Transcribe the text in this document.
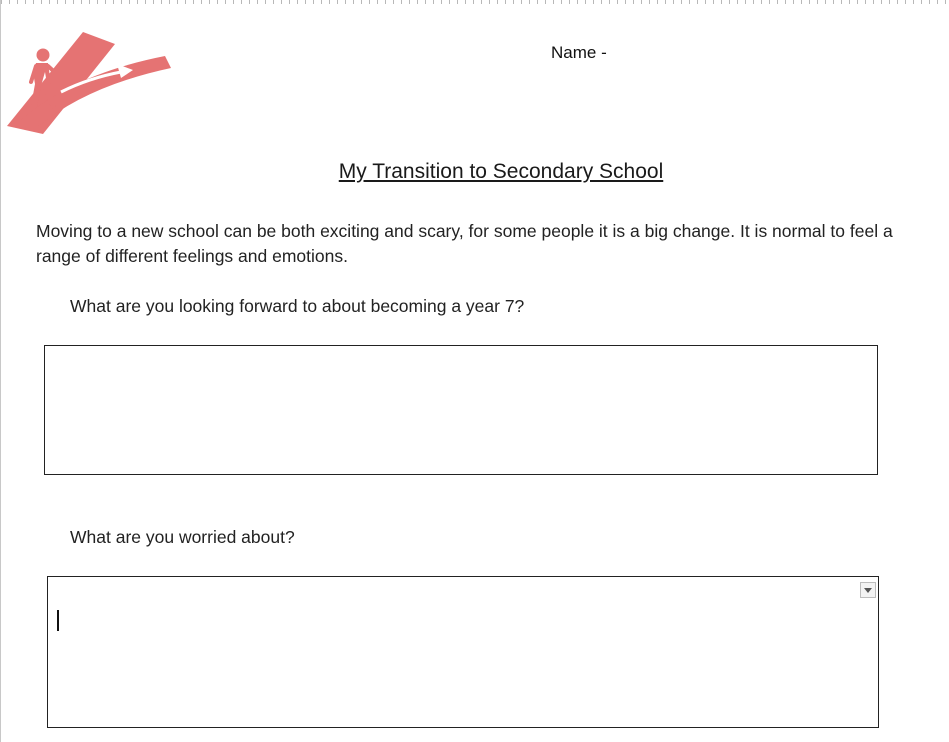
Name -
My Transition to Secondary School
Moving to a new school can be both exciting and scary, for some people it is a big change. It is normal to feel a range of different feelings and emotions.
What are you looking forward to about becoming a year 7?
What are you worried about?
